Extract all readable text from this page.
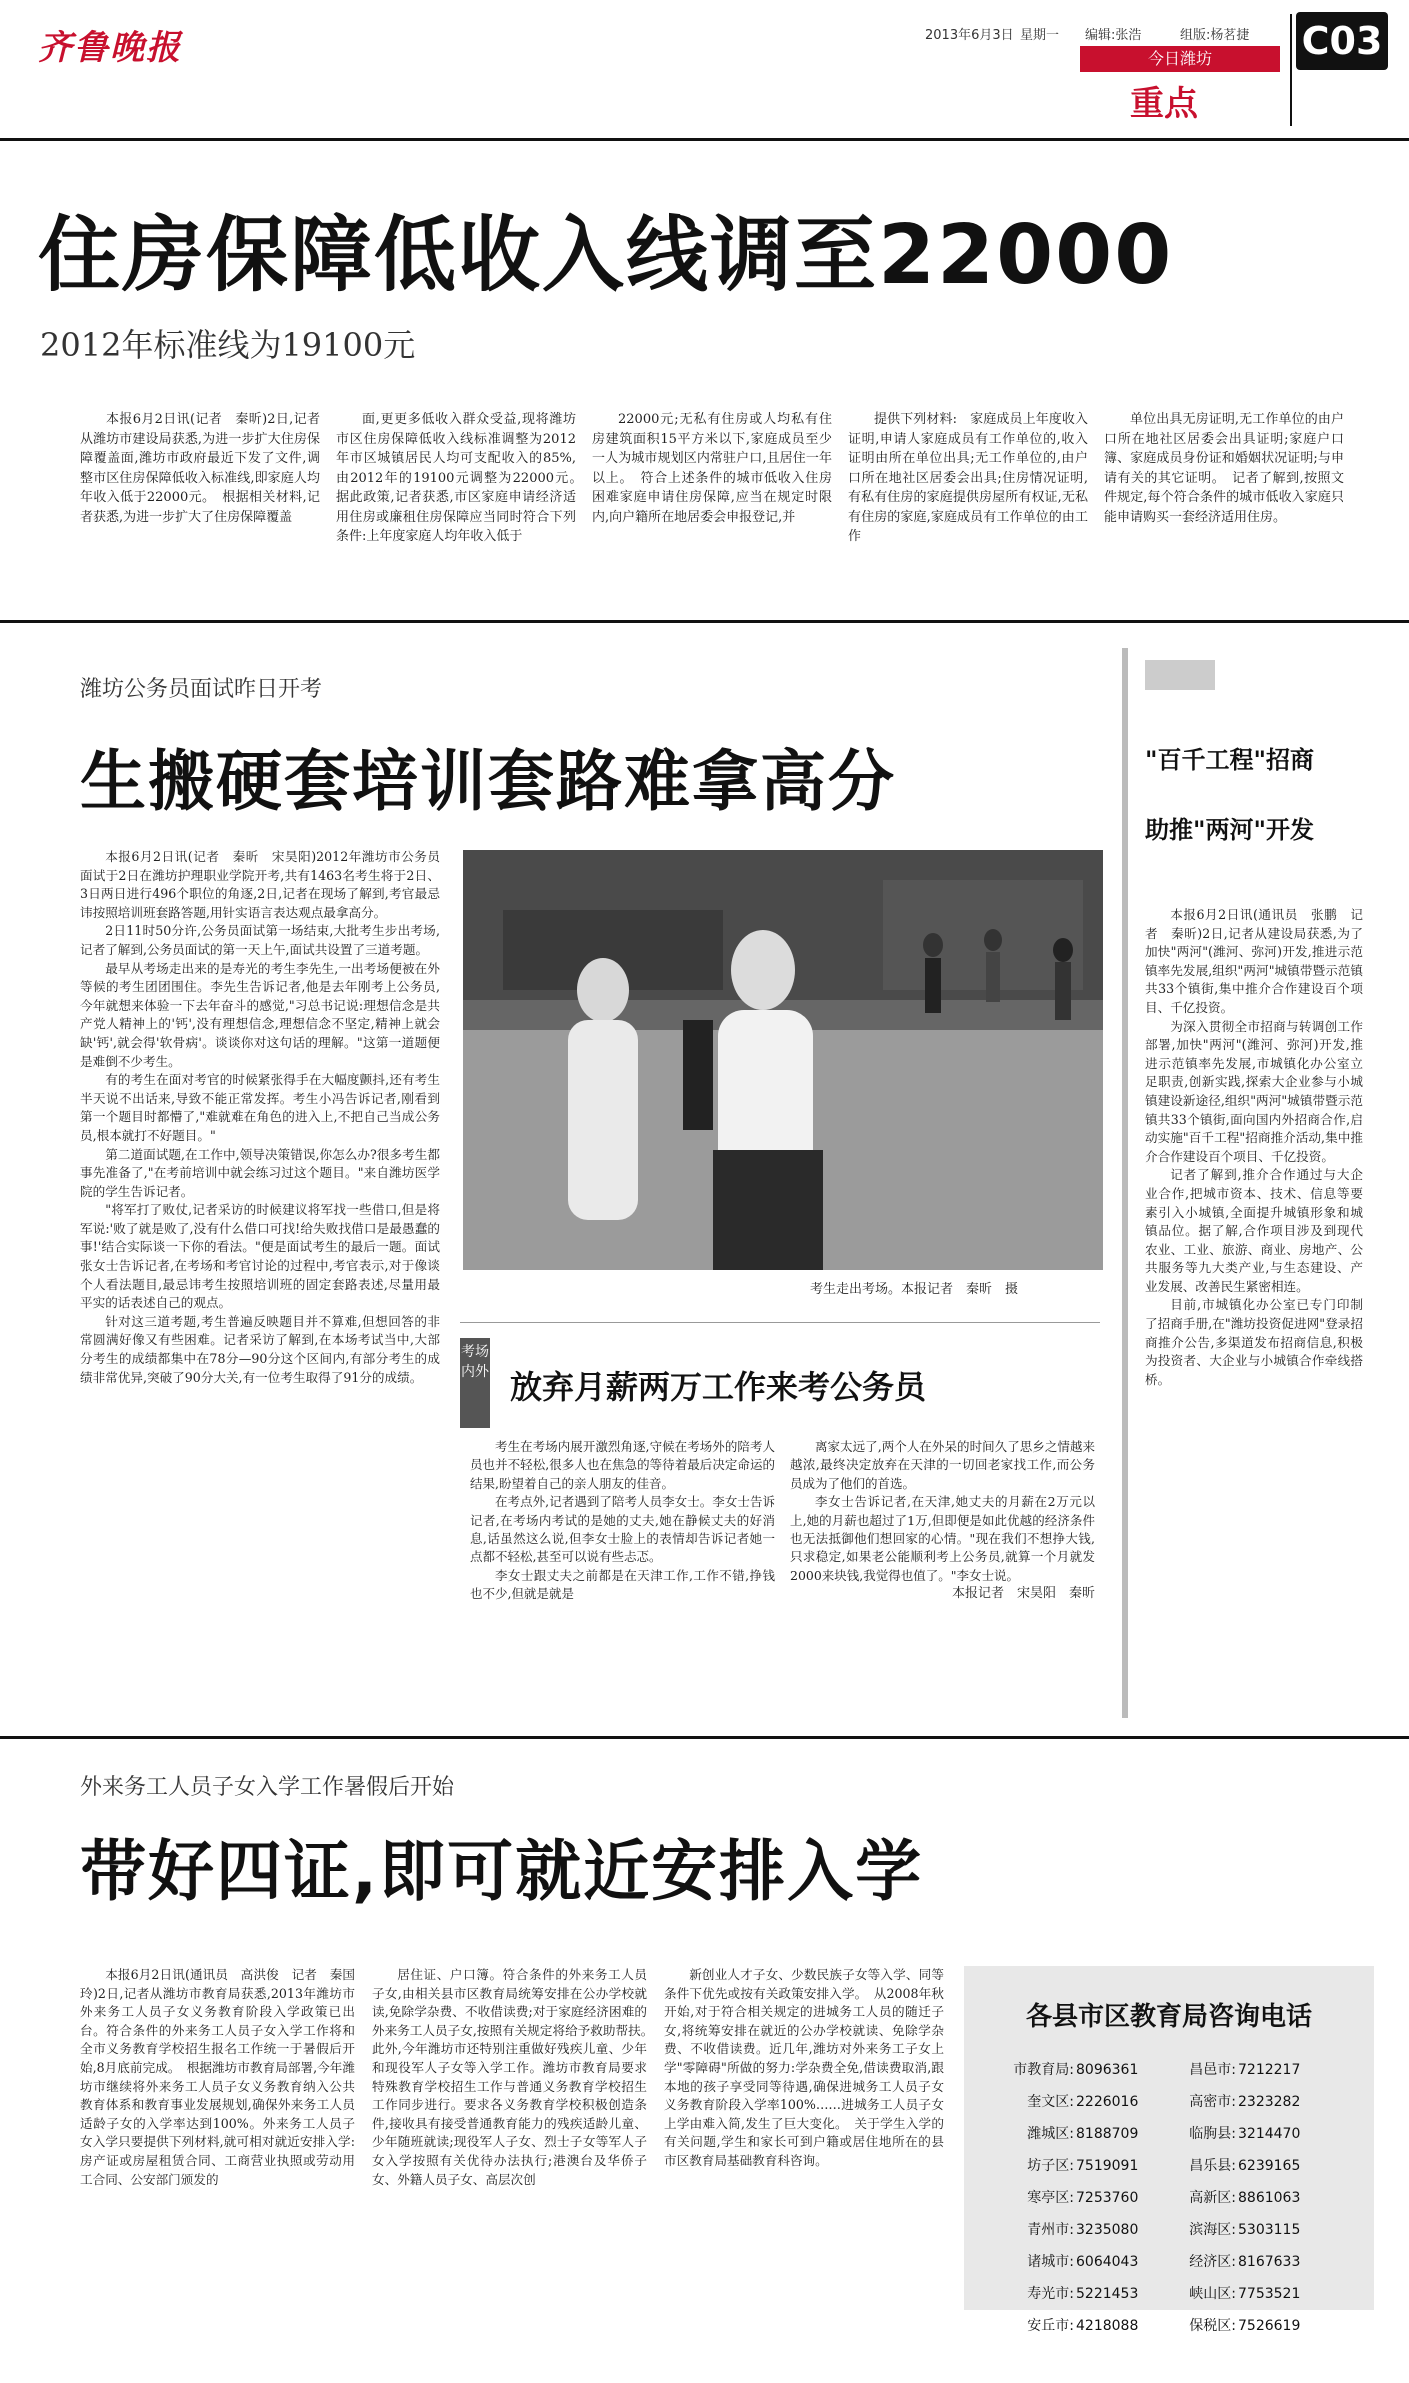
齐鲁晚报	2013年6月3日 星期一 编辑:张浩	组版:杨茗捷 C03
今日潍坊
重点
住房保障低收入线调至22000
2012年标准线为19100元

本报6月2日讯(记者　秦昕)2日,记者从潍坊市建设局获悉,为进一步扩大住房保障覆盖面,潍坊市政府最近下发了文件,调整市区住房保障低收入标准线,即家庭人均年收入低于22000元。　根据相关材料,记者获悉,为进一步扩大了住房保障覆盖

面,更更多低收入群众受益,现将潍坊市区住房保障低收入线标准调整为2012年市区城镇居民人均可支配收入的85%,由2012年的19100元调整为22000元。　据此政策,记者获悉,市区家庭申请经济适用住房或廉租住房保障应当同时符合下列条件:上年度家庭人均年收入低于

22000元;无私有住房或人均私有住房建筑面积15平方米以下,家庭成员至少一人为城市规划区内常驻户口,且居住一年以上。　符合上述条件的城市低收入住房困难家庭申请住房保障,应当在规定时限内,向户籍所在地居委会申报登记,并

提供下列材料:　家庭成员上年度收入证明,申请人家庭成员有工作单位的,收入证明由所在单位出具;无工作单位的,由户口所在地社区居委会出具;住房情况证明,有私有住房的家庭提供房屋所有权证,无私有住房的家庭,家庭成员有工作单位的由工作

单位出具无房证明,无工作单位的由户口所在地社区居委会出具证明;家庭户口簿、家庭成员身份证和婚姻状况证明;与申请有关的其它证明。　记者了解到,按照文件规定,每个符合条件的城市低收入家庭只能申请购买一套经济适用住房。

潍坊公务员面试昨日开考
生搬硬套培训套路难拿高分

本报6月2日讯(记者　秦昕　宋昊阳)2012年潍坊市公务员面试于2日在潍坊护理职业学院开考,共有1463名考生将于2日、3日两日进行496个职位的角逐,2日,记者在现场了解到,考官最忌讳按照培训班套路答题,用针实语言表达观点最拿高分。

2日11时50分许,公务员面试第一场结束,大批考生步出考场,记者了解到,公务员面试的第一天上午,面试共设置了三道考题。

最早从考场走出来的是寿光的考生李先生,一出考场便被在外等候的考生团团围住。李先生告诉记者,他是去年刚考上公务员,今年就想来体验一下去年奋斗的感觉,"习总书记说:理想信念是共产党人精神上的'钙',没有理想信念,理想信念不坚定,精神上就会缺'钙',就会得'软骨病'。谈谈你对这句话的理解。"这第一道题便是难倒不少考生。

有的考生在面对考官的时候紧张得手在大幅度颤抖,还有考生半天说不出话来,导致不能正常发挥。考生小冯告诉记者,刚看到第一个题目时都懵了,"难就难在角色的进入上,不把自己当成公务员,根本就打不好题目。"

第二道面试题,在工作中,领导决策错误,你怎么办?很多考生都事先准备了,"在考前培训中就会练习过这个题目。"来自潍坊医学院的学生告诉记者。

"将军打了败仗,记者采访的时候建议将军找一些借口,但是将军说:'败了就是败了,没有什么借口可找!给失败找借口是最愚蠢的事!'结合实际谈一下你的看法。"便是面试考生的最后一题。面试张女士告诉记者,在考场和考官讨论的过程中,考官表示,对于像谈个人看法题目,最忌讳考生按照培训班的固定套路表述,尽量用最平实的话表述自己的观点。

针对这三道考题,考生普遍反映题目并不算难,但想回答的非常圆满好像又有些困难。记者采访了解到,在本场考试当中,大部分考生的成绩都集中在78分—90分这个区间内,有部分考生的成绩非常优异,突破了90分大关,有一位考生取得了91分的成绩。

考生走出考场。本报记者　秦昕　摄
考场内外 放弃月薪两万工作来考公务员

考生在考场内展开激烈角逐,守候在考场外的陪考人员也并不轻松,很多人也在焦急的等待着最后决定命运的结果,盼望着自己的亲人朋友的佳音。

在考点外,记者遇到了陪考人员李女士。李女士告诉记者,在考场内考试的是她的丈夫,她在静候丈夫的好消息,话虽然这么说,但李女士脸上的表情却告诉记者她一点都不轻松,甚至可以说有些忐忑。

李女士跟丈夫之前都是在天津工作,工作不错,挣钱也不少,但就是就是

离家太远了,两个人在外呆的时间久了思乡之情越来越浓,最终决定放弃在天津的一切回老家找工作,而公务员成为了他们的首选。

李女士告诉记者,在天津,她丈夫的月薪在2万元以上,她的月薪也超过了1万,但即便是如此优越的经济条件也无法抵御他们想回家的心情。"现在我们不想挣大钱,只求稳定,如果老公能顺利考上公务员,就算一个月就发2000来块钱,我觉得也值了。"李女士说。

本报记者　宋昊阳　秦昕
"百千工程"招商
助推"两河"开发

本报6月2日讯(通讯员　张鹏　记者　秦昕)2日,记者从建设局获悉,为了加快"两河"(潍河、弥河)开发,推进示范镇率先发展,组织"两河"城镇带暨示范镇共33个镇街,集中推介合作建设百个项目、千亿投资。

为深入贯彻全市招商与转调创工作部署,加快"两河"(潍河、弥河)开发,推进示范镇率先发展,市城镇化办公室立足职责,创新实践,探索大企业参与小城镇建设新途径,组织"两河"城镇带暨示范镇共33个镇街,面向国内外招商合作,启动实施"百千工程"招商推介活动,集中推介合作建设百个项目、千亿投资。

记者了解到,推介合作通过与大企业合作,把城市资本、技术、信息等要素引入小城镇,全面提升城镇形象和城镇品位。据了解,合作项目涉及到现代农业、工业、旅游、商业、房地产、公共服务等九大类产业,与生态建设、产业发展、改善民生紧密相连。

目前,市城镇化办公室已专门印制了招商手册,在"潍坊投资促进网"登录招商推介公告,多渠道发布招商信息,积极为投资者、大企业与小城镇合作牵线搭桥。

外来务工人员子女入学工作暑假后开始
带好四证,即可就近安排入学

本报6月2日讯(通讯员　高洪俊　记者　秦国玲)2日,记者从潍坊市教育局获悉,2013年潍坊市外来务工人员子女义务教育阶段入学政策已出台。符合条件的外来务工人员子女入学工作将和全市义务教育学校招生报名工作统一于暑假后开始,8月底前完成。　根据潍坊市教育局部署,今年潍坊市继续将外来务工人员子女义务教育纳入公共教育体系和教育事业发展规划,确保外来务工人员适龄子女的入学率达到100%。外来务工人员子女入学只要提供下列材料,就可相对就近安排入学:房产证或房屋租赁合同、工商营业执照或劳动用工合同、公安部门颁发的

居住证、户口簿。符合条件的外来务工人员子女,由相关县市区教育局统筹安排在公办学校就读,免除学杂费、不收借读费;对于家庭经济困难的外来务工人员子女,按照有关规定将给予救助帮扶。　此外,今年潍坊市还特别注重做好残疾儿童、少年和现役军人子女等入学工作。潍坊市教育局要求特殊教育学校招生工作与普通义务教育学校招生工作同步进行。要求各义务教育学校积极创造条件,接收具有接受普通教育能力的残疾适龄儿童、少年随班就读;现役军人子女、烈士子女等军人子女入学按照有关优待办法执行;港澳台及华侨子女、外籍人员子女、高层次创

新创业人才子女、少数民族子女等入学、同等条件下优先或按有关政策安排入学。　从2008年秋开始,对于符合相关规定的进城务工人员的随迁子女,将统筹安排在就近的公办学校就读、免除学杂费、不收借读费。近几年,潍坊对外来务工子女上学"零障碍"所做的努力:学杂费全免,借读费取消,跟本地的孩子享受同等待遇,确保进城务工人员子女义务教育阶段入学率100%……进城务工人员子女上学由难入简,发生了巨大变化。　关于学生入学的有关问题,学生和家长可到户籍或居住地所在的县市区教育局基础教育科咨询。

各县市区教育局咨询电话
市教育局:	8096361	昌邑市:	7212217
奎文区:	2226016	高密市:	2323282
潍城区:	8188709	临朐县:	3214470
坊子区:	7519091	昌乐县:	6239165
寒亭区:	7253760	高新区:	8861063
青州市:	3235080	滨海区:	5303115
诸城市:	6064043	经济区:	8167633
寿光市:	5221453	峡山区:	7753521
安丘市:	4218088	保税区:	7526619
